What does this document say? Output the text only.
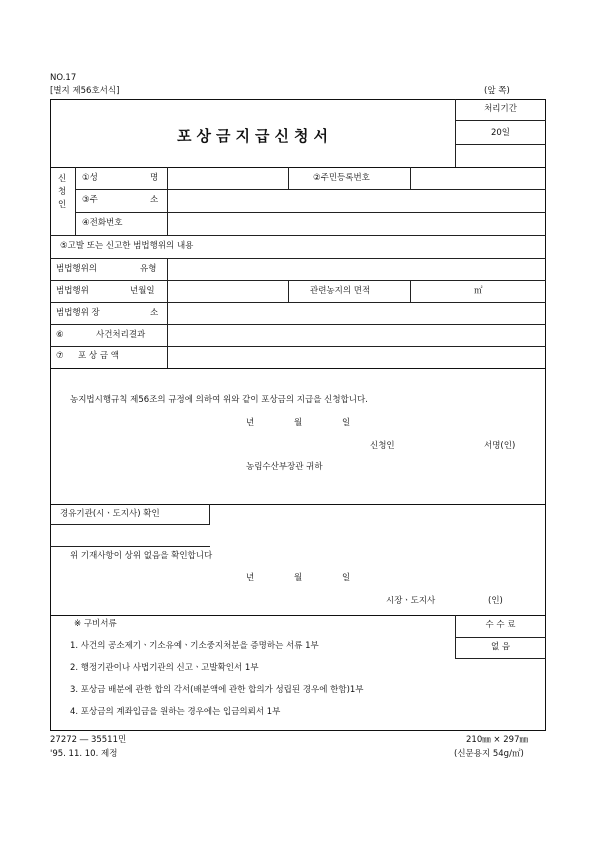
NO.17
[별지 제56호서식]	(앞 쪽)
포상금지급신청서
처리기간
20일
신
청
인
①성	명	②주민등록번호
③주	소
④전화번호
⑤고발 또는 신고한 범법행위의 내용
범법행위의	유형
범법행위	년월일	관련농지의 면적	㎡
범법행위 장	소
⑥	사건처리결과
⑦ 포 상 금 액
농지법시행규칙 제56조의 규정에 의하여 위와 같이 포상금의 지급을 신청합니다.
년	월	일
신청인	서명(인)
농림수산부장관 귀하
경유기관(시ㆍ도지사) 확인
위 기재사항이 상위 없음을 확인합니다
년	월	일
시장ㆍ도지사	(인)
※ 구비서류
1. 사건의 공소제기ㆍ기소유예ㆍ기소중지처분을 증명하는 서류 1부
2. 행정기관이나 사법기관의 신고ㆍ고발확인서 1부
3. 포상금 배분에 관한 합의 각서(배분액에 관한 합의가 성립된 경우에 한함)1부
4. 포상금의 계좌입금을 원하는 경우에는 입금의뢰서 1부
수 수 료
없 음
27272 ― 35511민
'95. 11. 10. 제정
210㎜ × 297㎜
(신문용지 54g/㎡)
